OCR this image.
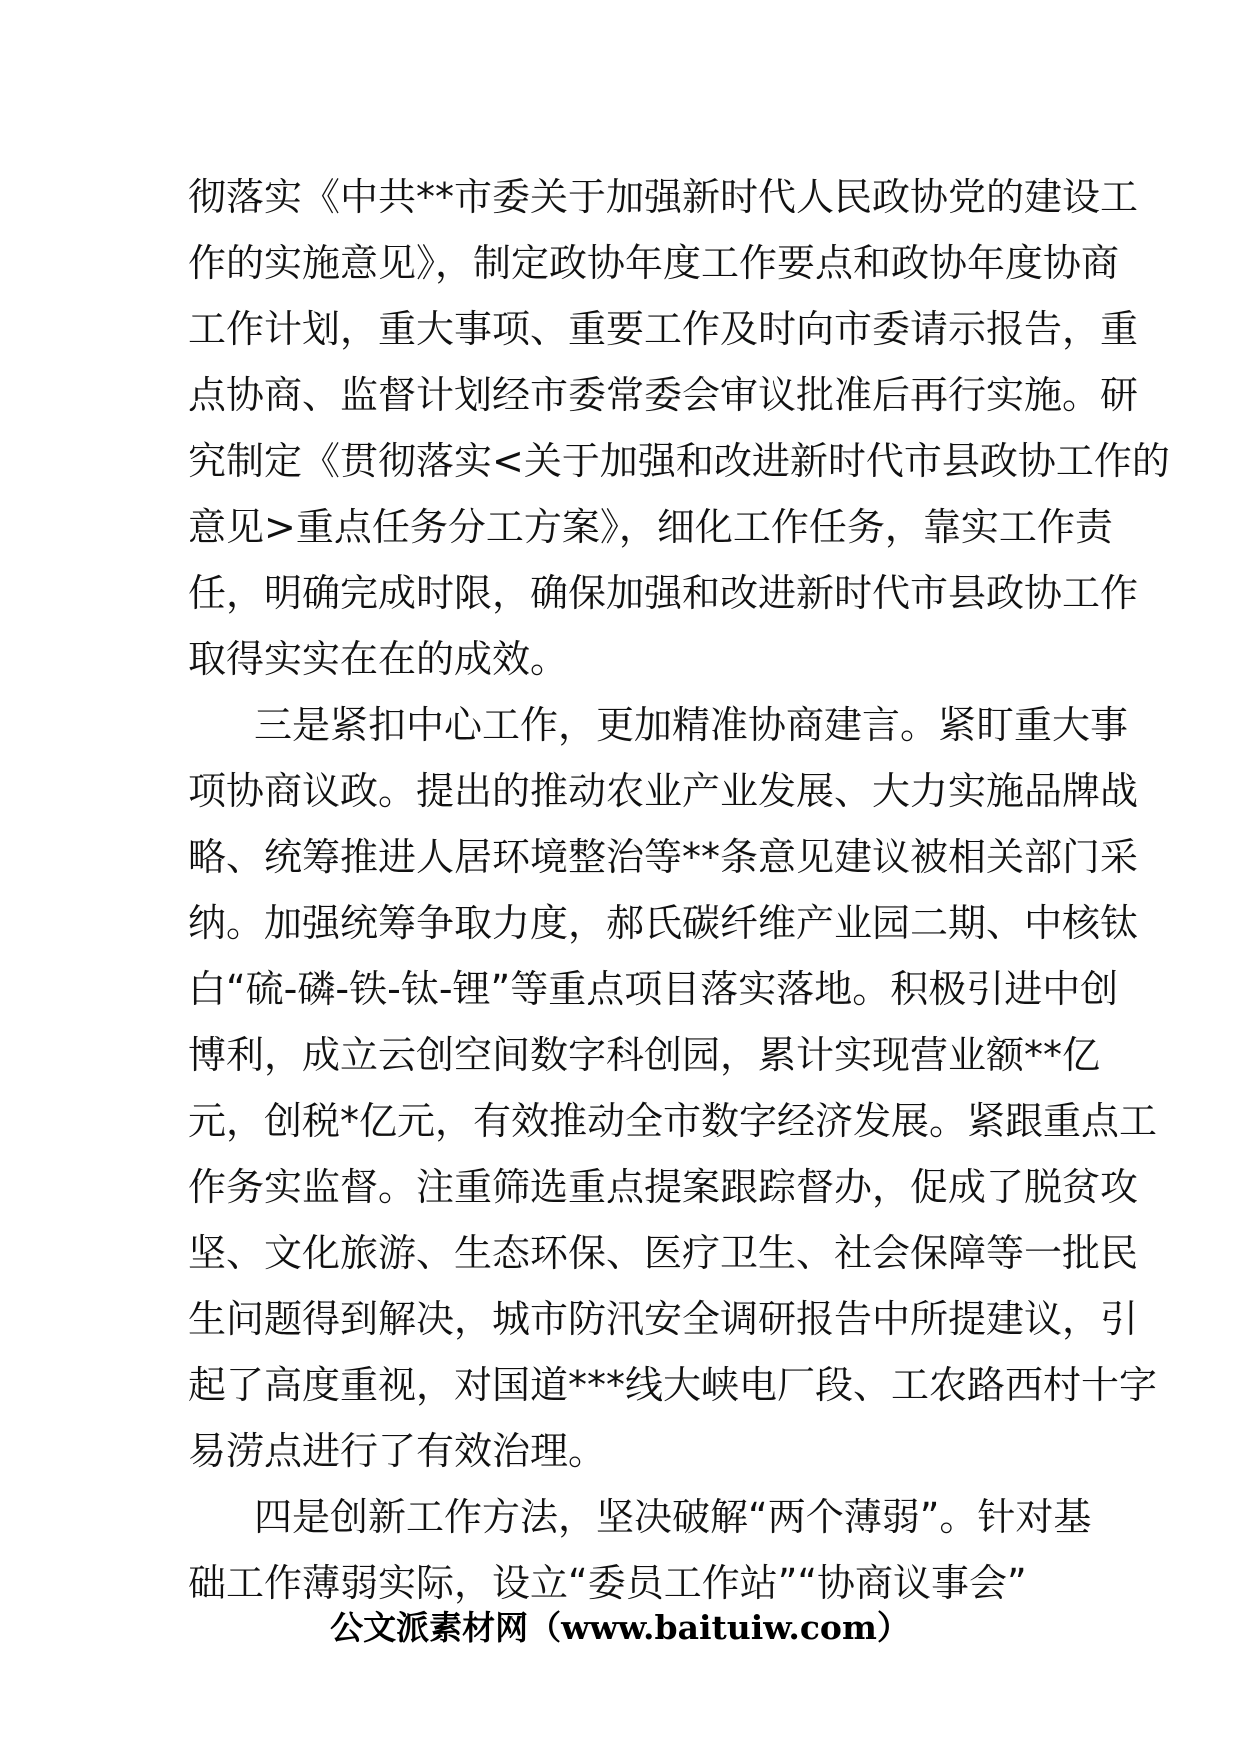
彻落实《中共**市委关于加强新时代人民政协党的建设工
作的实施意见》，制定政协年度工作要点和政协年度协商
工作计划，重大事项、重要工作及时向市委请示报告，重
点协商、监督计划经市委常委会审议批准后再行实施。研
究制定《贯彻落实<关于加强和改进新时代市县政协工作的
意见>重点任务分工方案》，细化工作任务，靠实工作责
任，明确完成时限，确保加强和改进新时代市县政协工作
取得实实在在的成效。
三是紧扣中心工作，更加精准协商建言。紧盯重大事
项协商议政。提出的推动农业产业发展、大力实施品牌战
略、统筹推进人居环境整治等**条意见建议被相关部门采
纳。加强统筹争取力度，郝氏碳纤维产业园二期、中核钛
白“硫-磷-铁-钛-锂”等重点项目落实落地。积极引进中创
博利，成立云创空间数字科创园，累计实现营业额**亿
元，创税*亿元，有效推动全市数字经济发展。紧跟重点工
作务实监督。注重筛选重点提案跟踪督办，促成了脱贫攻
坚、文化旅游、生态环保、医疗卫生、社会保障等一批民
生问题得到解决，城市防汛安全调研报告中所提建议，引
起了高度重视，对国道***线大峡电厂段、工农路西村十字
易涝点进行了有效治理。
四是创新工作方法，坚决破解“两个薄弱”。针对基
础工作薄弱实际，设立“委员工作站”“协商议事会”
公文派素材网（www.baituiw.com）
